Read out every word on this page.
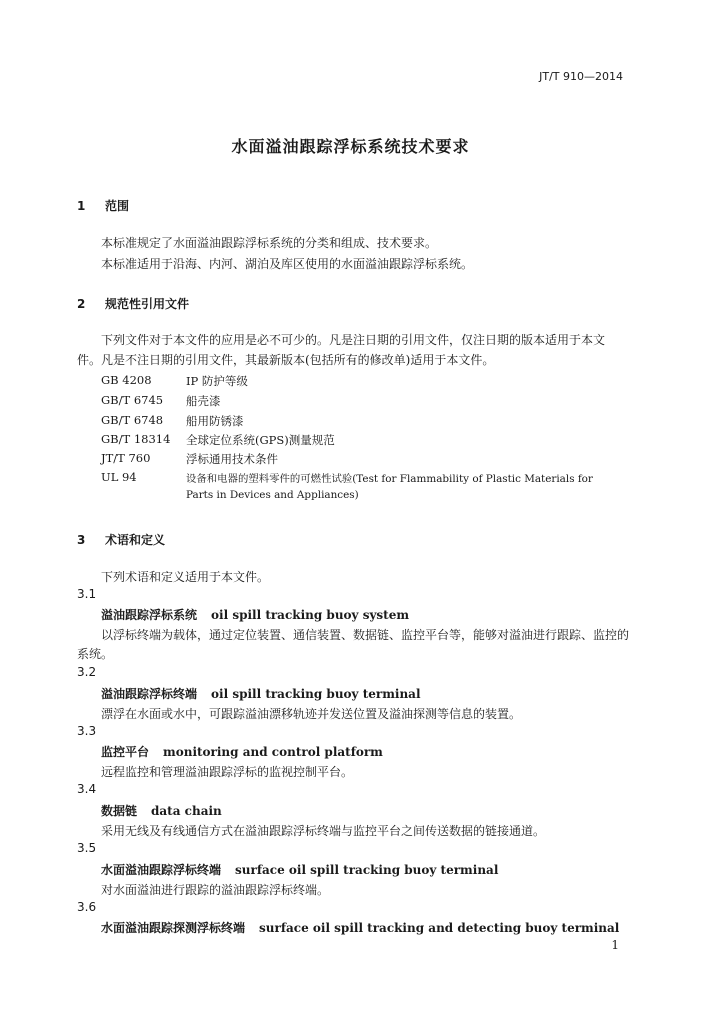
JT/T 910—2014
水面溢油跟踪浮标系统技术要求
1 范围
本标准规定了水面溢油跟踪浮标系统的分类和组成、技术要求。
本标准适用于沿海、内河、湖泊及库区使用的水面溢油跟踪浮标系统。
2 规范性引用文件
下列文件对于本文件的应用是必不可少的。凡是注日期的引用文件，仅注日期的版本适用于本文
件。凡是不注日期的引用文件，其最新版本(包括所有的修改单)适用于本文件。
GB 4208	IP 防护等级
GB/T 6745 船壳漆
GB/T 6748 船用防锈漆
GB/T 18314 全球定位系统(GPS)测量规范
JT/T 760	浮标通用技术条件
UL 94	设备和电器的塑料零件的可燃性试验(Test for Flammability of Plastic Materials for
Parts in Devices and Appliances)
3 术语和定义
下列术语和定义适用于本文件。
3.1
溢油跟踪浮标系统 oil spill tracking buoy system
以浮标终端为载体，通过定位装置、通信装置、数据链、监控平台等，能够对溢油进行跟踪、监控的
系统。
3.2
溢油跟踪浮标终端 oil spill tracking buoy terminal
漂浮在水面或水中，可跟踪溢油漂移轨迹并发送位置及溢油探测等信息的装置。
3.3
监控平台 monitoring and control platform
远程监控和管理溢油跟踪浮标的监视控制平台。
3.4
数据链 data chain
采用无线及有线通信方式在溢油跟踪浮标终端与监控平台之间传送数据的链接通道。
3.5
水面溢油跟踪浮标终端 surface oil spill tracking buoy terminal
对水面溢油进行跟踪的溢油跟踪浮标终端。
3.6
水面溢油跟踪探测浮标终端 surface oil spill tracking and detecting buoy terminal
1
